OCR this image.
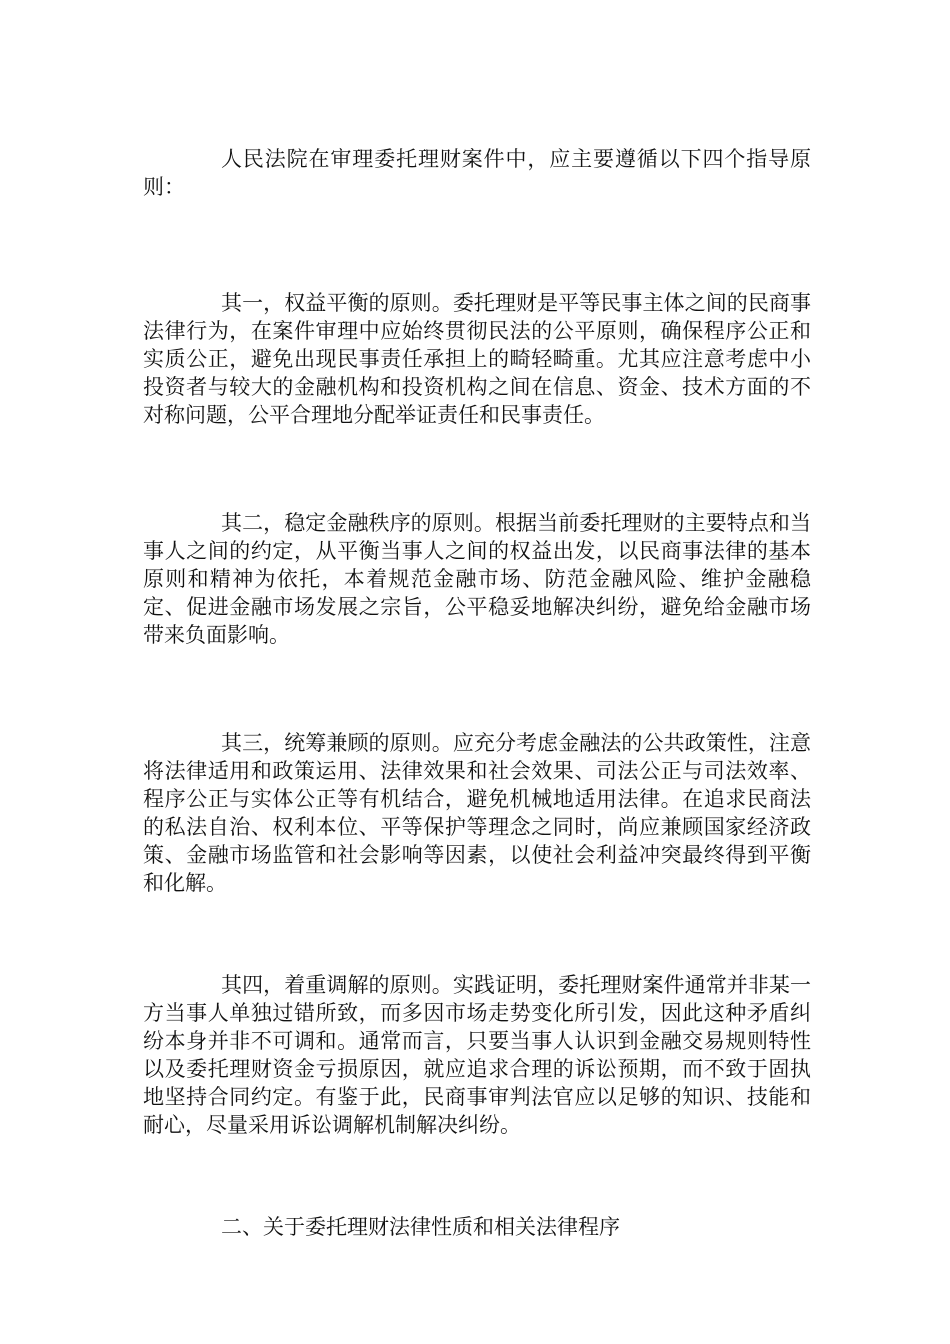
人民法院在审理委托理财案件中，应主要遵循以下四个指导原则：

其一，权益平衡的原则。委托理财是平等民事主体之间的民商事法律行为，在案件审理中应始终贯彻民法的公平原则，确保程序公正和实质公正，避免出现民事责任承担上的畸轻畸重。尤其应注意考虑中小投资者与较大的金融机构和投资机构之间在信息、资金、技术方面的不对称问题，公平合理地分配举证责任和民事责任。

其二，稳定金融秩序的原则。根据当前委托理财的主要特点和当事人之间的约定，从平衡当事人之间的权益出发，以民商事法律的基本原则和精神为依托，本着规范金融市场、防范金融风险、维护金融稳定、促进金融市场发展之宗旨，公平稳妥地解决纠纷，避免给金融市场带来负面影响。

其三，统筹兼顾的原则。应充分考虑金融法的公共政策性，注意将法律适用和政策运用、法律效果和社会效果、司法公正与司法效率、程序公正与实体公正等有机结合，避免机械地适用法律。在追求民商法的私法自治、权利本位、平等保护等理念之同时，尚应兼顾国家经济政策、金融市场监管和社会影响等因素，以使社会利益冲突最终得到平衡和化解。

其四，着重调解的原则。实践证明，委托理财案件通常并非某一方当事人单独过错所致，而多因市场走势变化所引发，因此这种矛盾纠纷本身并非不可调和。通常而言，只要当事人认识到金融交易规则特性以及委托理财资金亏损原因，就应追求合理的诉讼预期，而不致于固执地坚持合同约定。有鉴于此，民商事审判法官应以足够的知识、技能和耐心，尽量采用诉讼调解机制解决纠纷。

二、关于委托理财法律性质和相关法律程序
